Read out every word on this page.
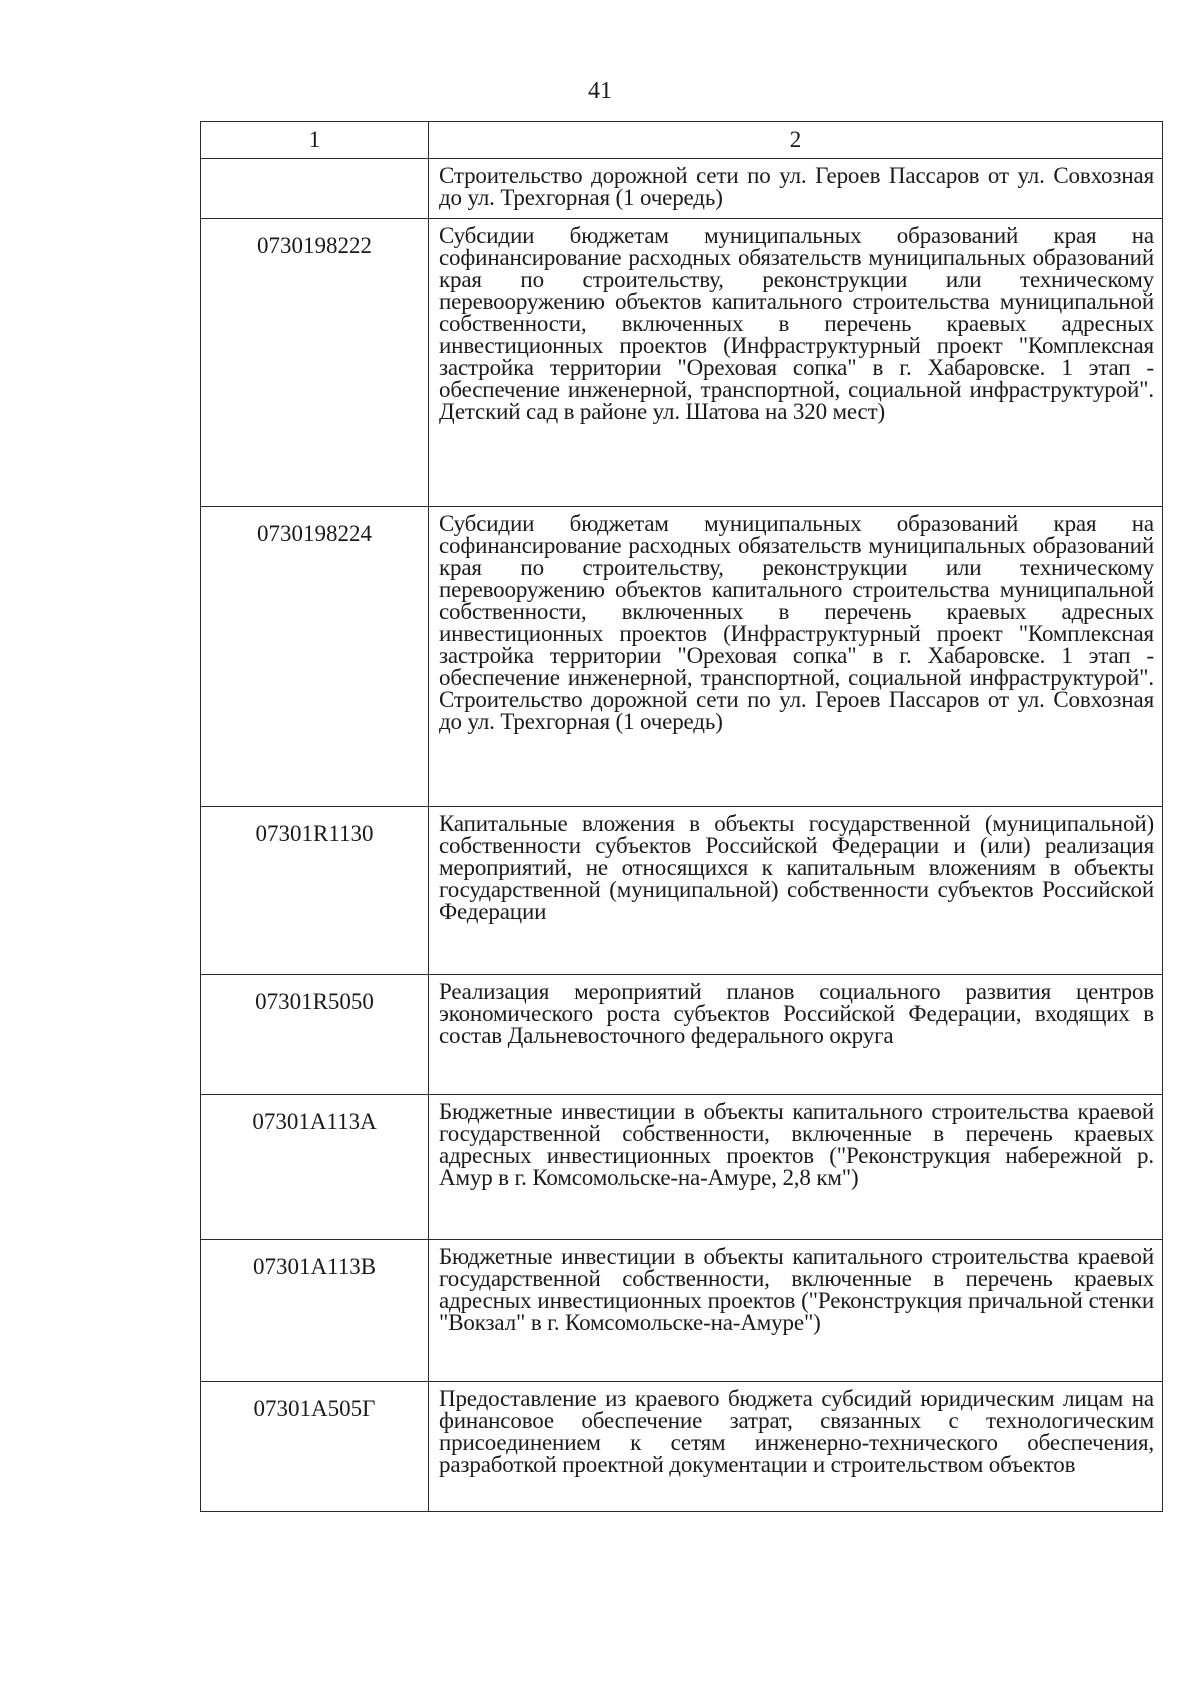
41
1	2
	Строительство дорожной сети по ул. Героев Пассаров от ул. Совхозная до ул. Трехгорная (1 очередь)
0730198222	Субсидии бюджетам муниципальных образований края на софинансирование расходных обязательств муниципальных образований края по строительству, реконструкции или техническому перевооружению объектов капитального строительства муниципальной собственности, включенных в перечень краевых адресных инвестиционных проектов (Инфраструктурный проект "Комплексная застройка территории "Ореховая сопка" в г. Хабаровске. 1 этап - обеспечение инженерной, транспортной, социальной инфраструктурой". Детский сад в районе ул. Шатова на 320 мест)
0730198224	Субсидии бюджетам муниципальных образований края на софинансирование расходных обязательств муниципальных образований края по строительству, реконструкции или техническому перевооружению объектов капитального строительства муниципальной собственности, включенных в перечень краевых адресных инвестиционных проектов (Инфраструктурный проект "Комплексная застройка территории "Ореховая сопка" в г. Хабаровске. 1 этап - обеспечение инженерной, транспортной, социальной инфраструктурой". Строительство дорожной сети по ул. Героев Пассаров от ул. Совхозная до ул. Трехгорная (1 очередь)
07301R1130	Капитальные вложения в объекты государственной (муниципальной) собственности субъектов Российской Федерации и (или) реализация мероприятий, не относящихся к капитальным вложениям в объекты государственной (муниципальной) собственности субъектов Российской Федерации
07301R5050	Реализация мероприятий планов социального развития центров экономического роста субъектов Российской Федерации, входящих в состав Дальневосточного федерального округа
07301A113A	Бюджетные инвестиции в объекты капитального строительства краевой государственной собственности, включенные в перечень краевых адресных инвестиционных проектов ("Реконструкция набережной р. Амур в г. Комсомольске-на-Амуре, 2,8 км")
07301A113B	Бюджетные инвестиции в объекты капитального строительства краевой государственной собственности, включенные в перечень краевых адресных инвестиционных проектов ("Реконструкция причальной стенки "Вокзал" в г. Комсомольске-на-Амуре")
07301A505Г	Предоставление из краевого бюджета субсидий юридическим лицам на финансовое обеспечение затрат, связанных с технологическим присоединением к сетям инженерно-технического обеспечения, разработкой проектной документации и строительством объектов
